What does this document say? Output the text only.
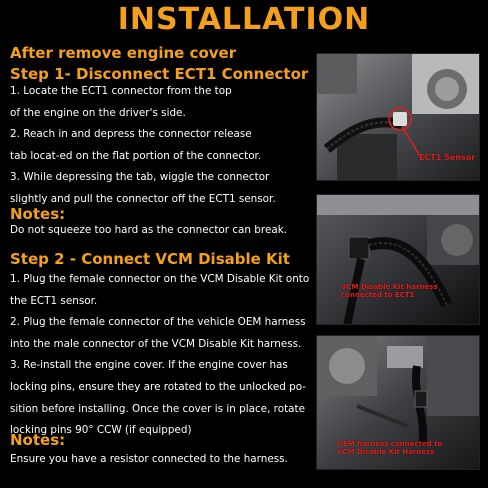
INSTALLATION
After remove engine cover
Step 1- Disconnect ECT1 Connector
1. Locate the ECT1 connector from the top
of the engine on the driver's side.
2. Reach in and depress the connector release
tab locat-ed on the flat portion of the connector.
3. While depressing the tab, wiggle the connector
slightly and pull the connector off the ECT1 sensor.
Notes:
Do not squeeze too hard as the connector can break.
Step 2 - Connect VCM Disable Kit
1. Plug the female connector on the VCM Disable Kit onto
the ECT1 sensor.
2. Plug the female connector of the vehicle OEM harness
into the male connector of the VCM Disable Kit harness.
3. Re-install the engine cover. If the engine cover has
locking pins, ensure they are rotated to the unlocked po-
sition before installing. Once the cover is in place, rotate
locking pins 90° CCW (if equipped)
Notes:
Ensure you have a resistor connected to the harness.
ECT1 Sensor
VCM Disable Kit harness
connected to ECT1
OEM harness connected to
VCM Disable Kit Harness
